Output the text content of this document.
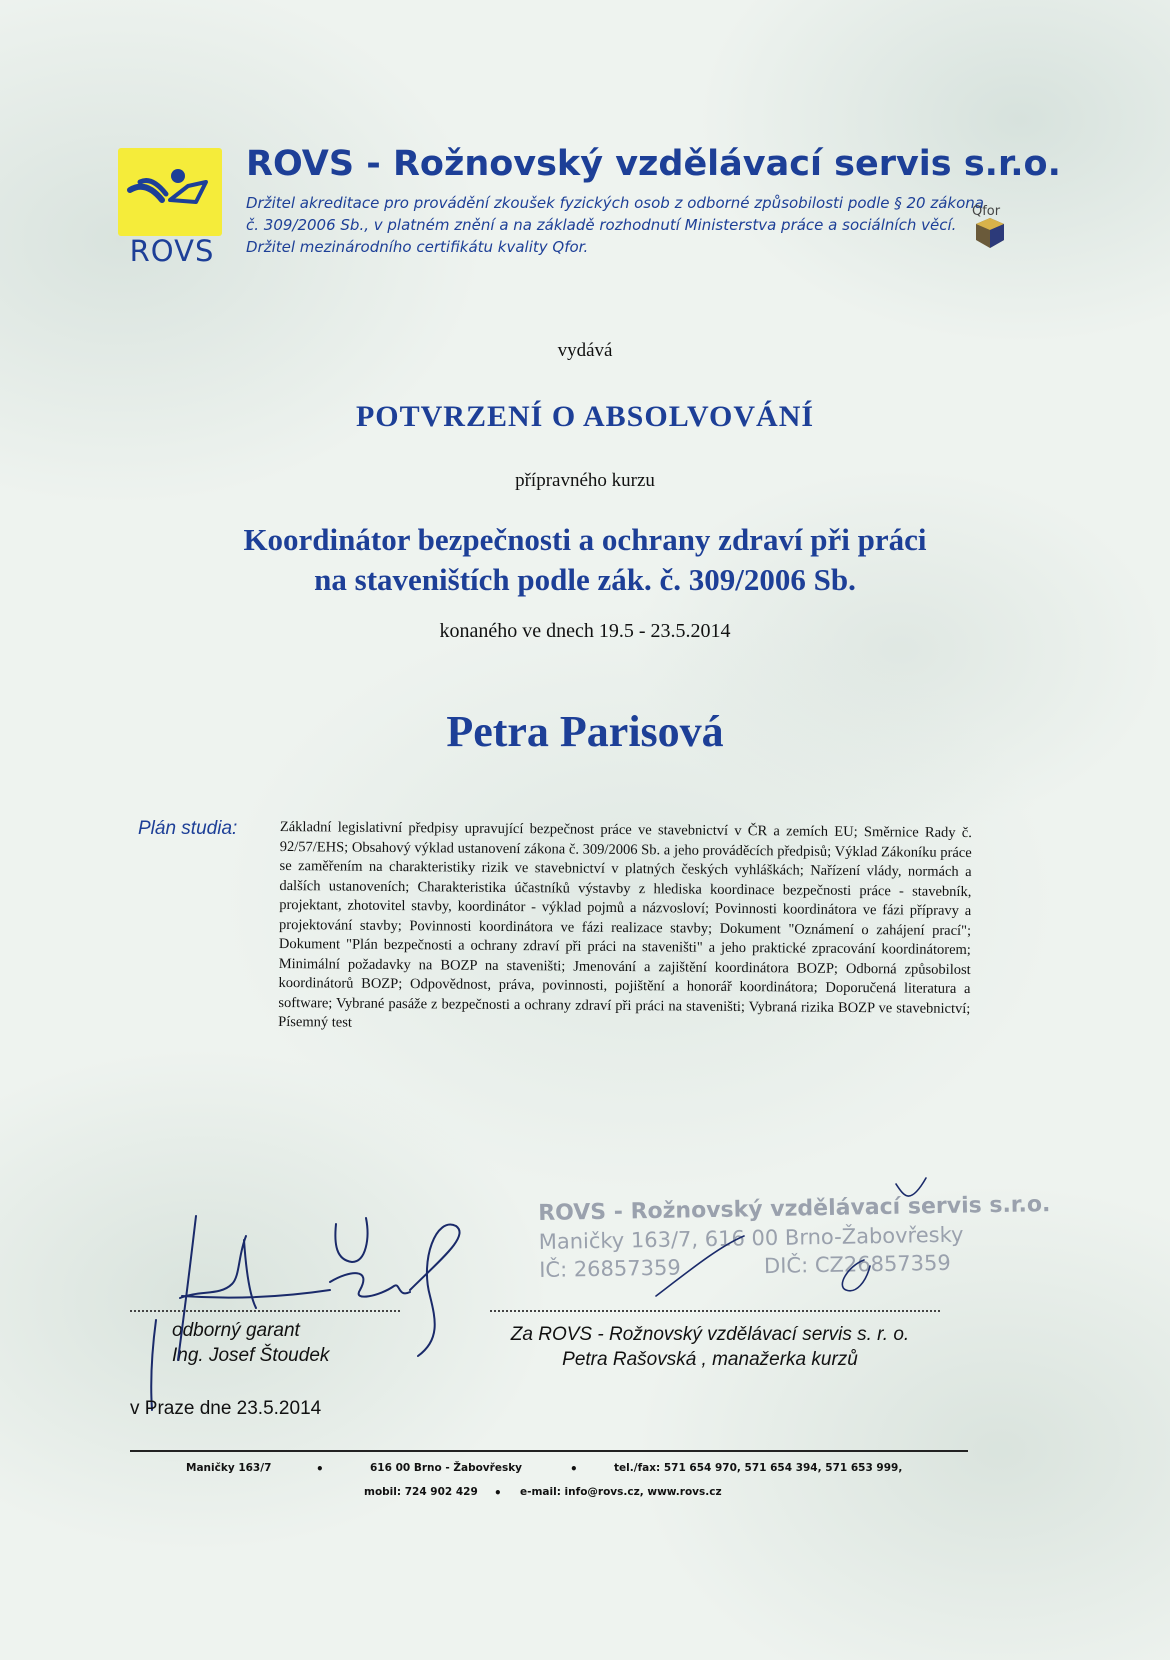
ROVS
ROVS - Rožnovský vzdělávací servis s.r.o.
Držitel akreditace pro provádění zkoušek fyzických osob z odborné způsobilosti podle § 20 zákona
č. 309/2006 Sb., v platném znění a na základě rozhodnutí Ministerstva práce a sociálních věcí.
Držitel mezinárodního certifikátu kvality Qfor.
Qfor
vydává
POTVRZENÍ O ABSOLVOVÁNÍ
přípravného kurzu
Koordinátor bezpečnosti a ochrany zdraví při práci
na staveništích podle zák. č. 309/2006 Sb.
konaného ve dnech 19.5 - 23.5.2014
Petra Parisová
Plán studia:	Základní legislativní předpisy upravující bezpečnost práce ve stavebnictví v ČR a zemích EU; Směrnice Rady č. 92/57/EHS; Obsahový výklad ustanovení zákona č. 309/2006 Sb. a jeho prováděcích předpisů; Výklad Zákoníku práce se zaměřením na charakteristiky rizik ve stavebnictví v platných českých vyhláškách; Nařízení vlády, normách a dalších ustanoveních; Charakteristika účastníků výstavby z hlediska koordinace bezpečnosti práce - stavebník, projektant, zhotovitel stavby, koordinátor - výklad pojmů a názvosloví; Povinnosti koordinátora ve fázi přípravy a projektování stavby; Povinnosti koordinátora ve fázi realizace stavby; Dokument "Oznámení o zahájení prací"; Dokument "Plán bezpečnosti a ochrany zdraví při práci na staveništi" a jeho praktické zpracování koordinátorem; Minimální požadavky na BOZP na staveništi; Jmenování a zajištění koordinátora BOZP; Odborná způsobilost koordinátorů BOZP; Odpovědnost, práva, povinnosti, pojištění a honorář koordinátora; Doporučená literatura a software; Vybrané pasáže z bezpečnosti a ochrany zdraví při práci na staveništi; Vybraná rizika BOZP ve stavebnictví; Písemný test
ROVS - Rožnovský vzdělávací servis s.r.o.
Maničky 163/7, 616 00 Brno-Žabovřesky
IČ: 26857359	DIČ: CZ26857359
odborný garant
Ing. Josef Štoudek
Za ROVS - Rožnovský vzdělávací servis s. r. o.
Petra Rašovská , manažerka kurzů
v Praze dne 23.5.2014
Maničky 163/7	•	616 00 Brno - Žabovřesky	•	tel./fax: 571 654 970, 571 654 394, 571 653 999,
mobil: 724 902 429 • e-mail: info@rovs.cz, www.rovs.cz
